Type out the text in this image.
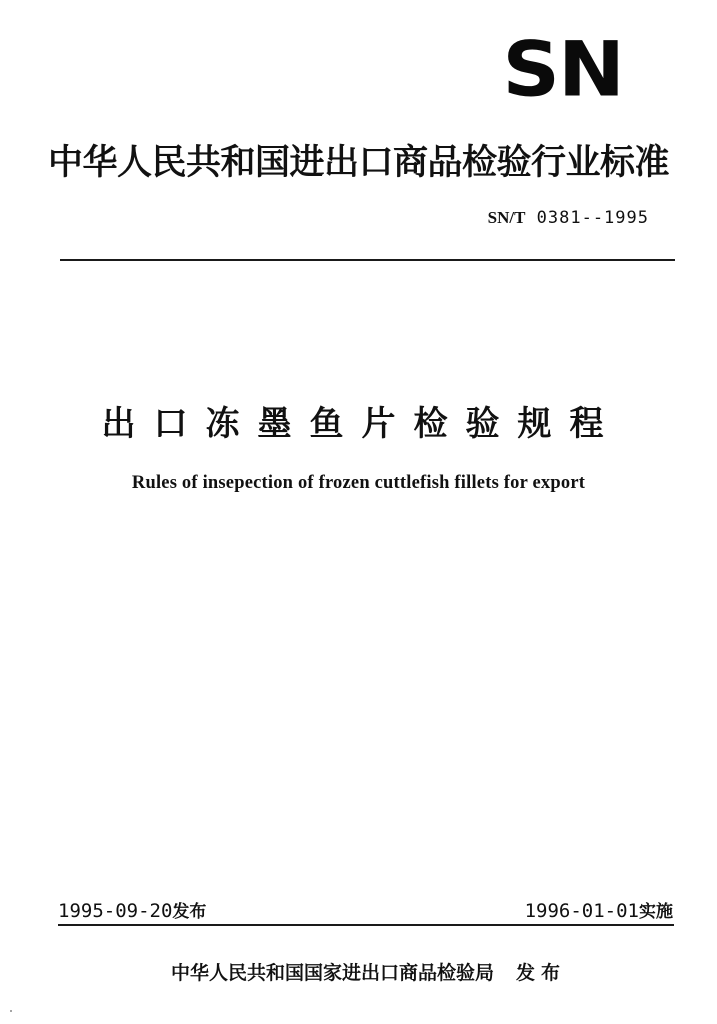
SN
中华人民共和国进出口商品检验行业标准
SN/T 0381--1995
出口冻墨鱼片检验规程
Rules of insepection of frozen cuttlefish fillets for export
1995-09-20发布	1996-01-01实施
中华人民共和国国家进出口商品检验局 发布
